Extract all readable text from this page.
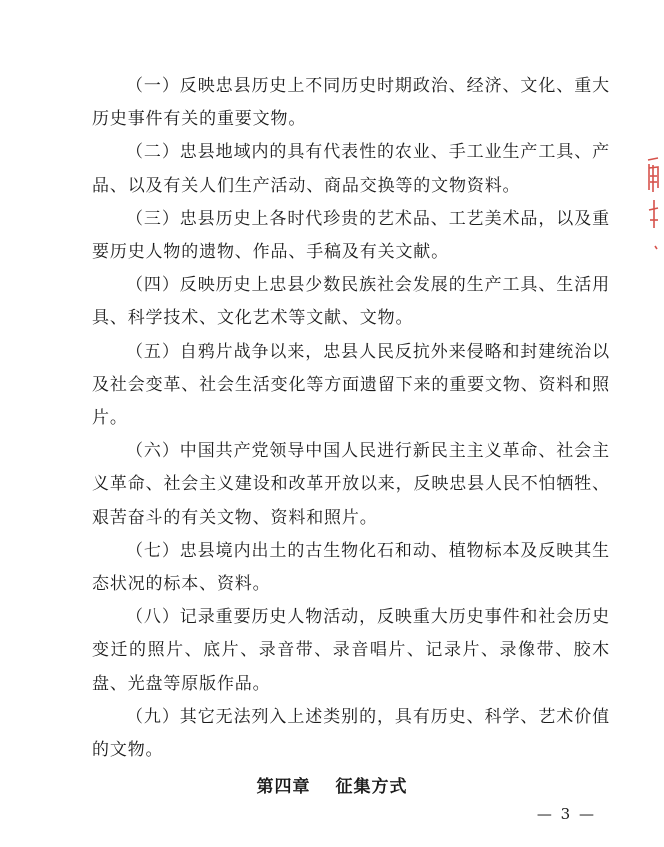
（一）反映忠县历史上不同历史时期政治、经济、文化、重大历史事件有关的重要文物。

（二）忠县地域内的具有代表性的农业、手工业生产工具、产品、以及有关人们生产活动、商品交换等的文物资料。

（三）忠县历史上各时代珍贵的艺术品、工艺美术品，以及重要历史人物的遗物、作品、手稿及有关文献。

（四）反映历史上忠县少数民族社会发展的生产工具、生活用具、科学技术、文化艺术等文献、文物。

（五）自鸦片战争以来，忠县人民反抗外来侵略和封建统治以及社会变革、社会生活变化等方面遗留下来的重要文物、资料和照片。

（六）中国共产党领导中国人民进行新民主主义革命、社会主义革命、社会主义建设和改革开放以来，反映忠县人民不怕牺牲、艰苦奋斗的有关文物、资料和照片。

（七）忠县境内出土的古生物化石和动、植物标本及反映其生态状况的标本、资料。

（八）记录重要历史人物活动，反映重大历史事件和社会历史变迁的照片、底片、录音带、录音唱片、记录片、录像带、胶木盘、光盘等原版作品。

（九）其它无法列入上述类别的，具有历史、科学、艺术价值的文物。

第四章 征集方式
— 3 —
